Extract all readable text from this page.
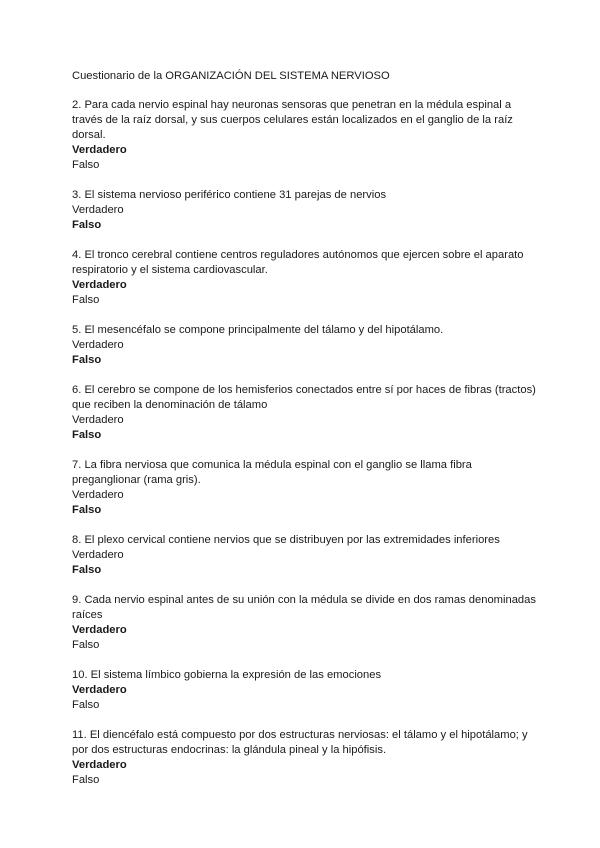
Cuestionario de la ORGANIZACIÓN DEL SISTEMA NERVIOSO

2. Para cada nervio espinal hay neuronas sensoras que penetran en la médula espinal a través de la raíz dorsal, y sus cuerpos celulares están localizados en el ganglio de la raíz dorsal.

Verdadero
Falso

3. El sistema nervioso periférico contiene 31 parejas de nervios

Verdadero
Falso

4. El tronco cerebral contiene centros reguladores autónomos que ejercen sobre el aparato respiratorio y el sistema cardiovascular.

Verdadero
Falso

5. El mesencéfalo se compone principalmente del tálamo y del hipotálamo.

Verdadero
Falso

6. El cerebro se compone de los hemisferios conectados entre sí por haces de fibras (tractos) que reciben la denominación de tálamo

Verdadero
Falso

7. La fibra nerviosa que comunica la médula espinal con el ganglio se llama fibra preganglionar (rama gris).

Verdadero
Falso

8. El plexo cervical contiene nervios que se distribuyen por las extremidades inferiores

Verdadero
Falso

9. Cada nervio espinal antes de su unión con la médula se divide en dos ramas denominadas raíces

Verdadero
Falso

10. El sistema límbico gobierna la expresión de las emociones

Verdadero
Falso

11. El diencéfalo está compuesto por dos estructuras nerviosas: el tálamo y el hipotálamo; y por dos estructuras endocrinas: la glándula pineal y la hipófisis.

Verdadero
Falso
